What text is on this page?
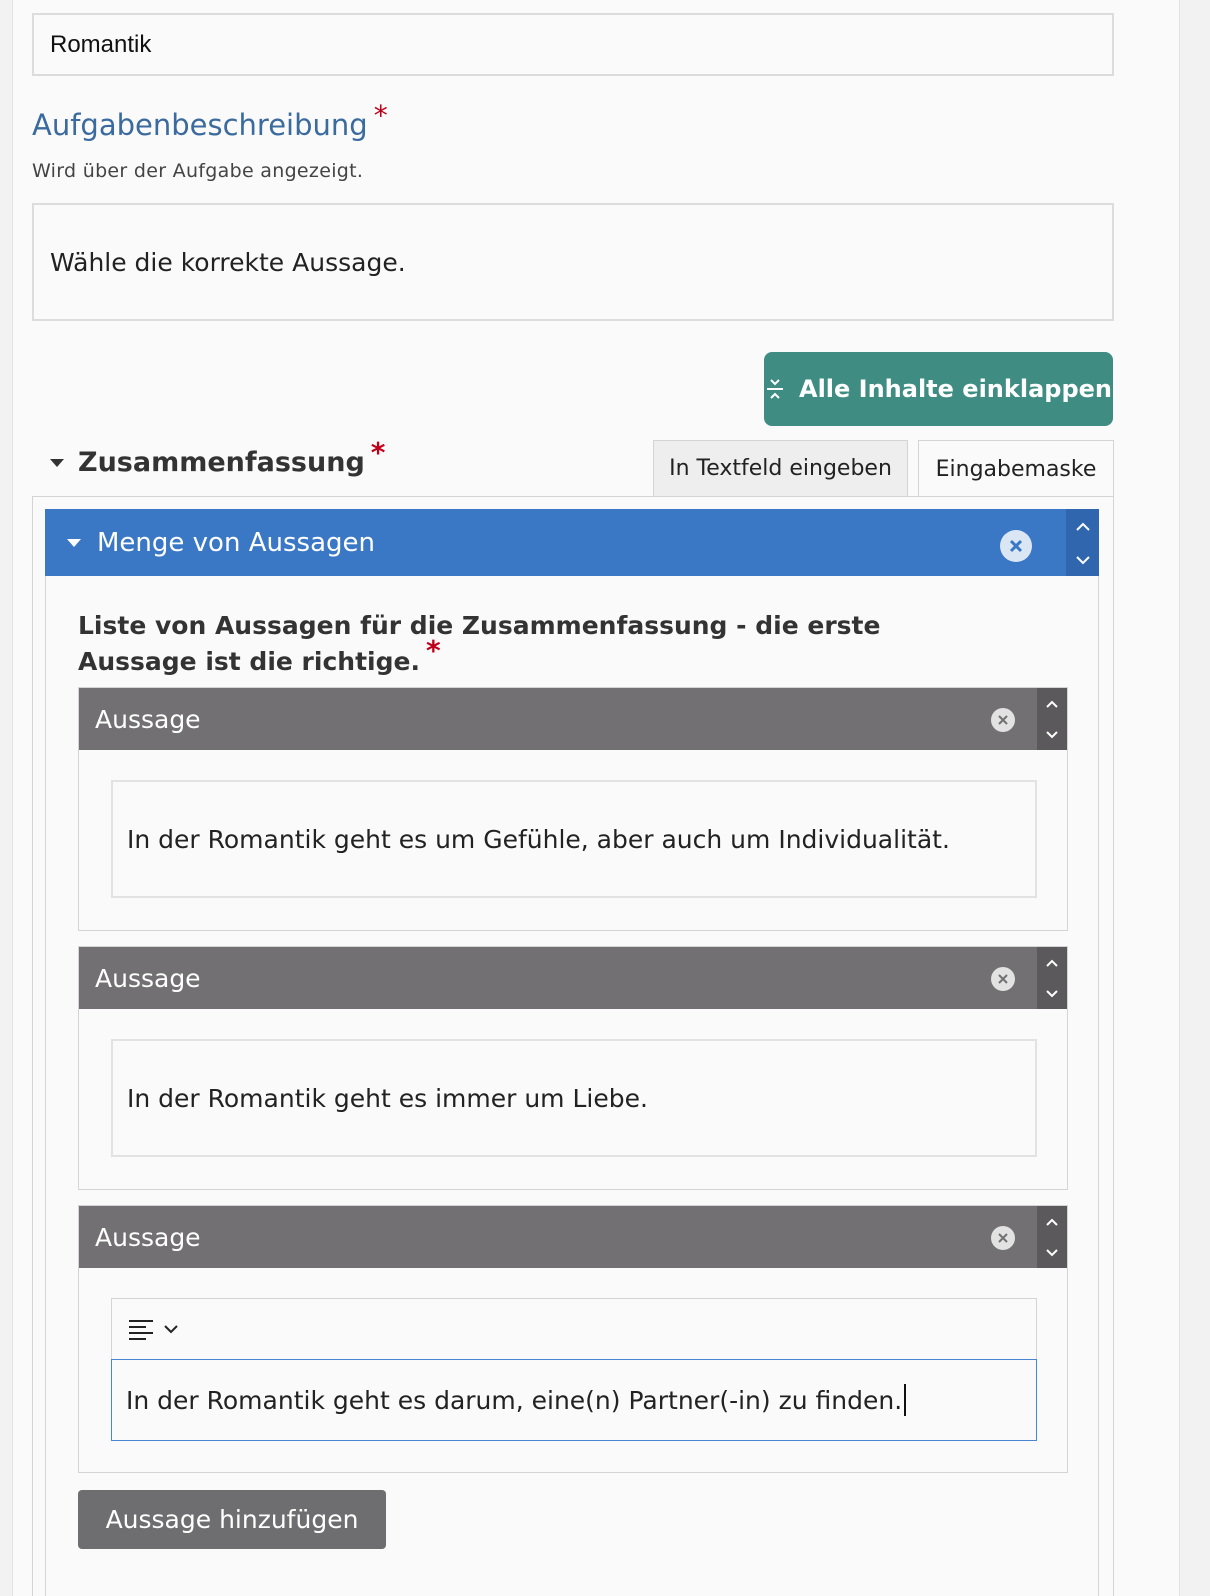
Romantik
Aufgabenbeschreibung *
Wird über der Aufgabe angezeigt.
Wähle die korrekte Aussage.
Alle Inhalte einklappen
Zusammenfassung *	In Textfeld eingeben	Eingabemaske
Menge von Aussagen
Liste von Aussagen für die Zusammenfassung - die erste Aussage ist die richtige. *
Aussage
In der Romantik geht es um Gefühle, aber auch um Individualität.
Aussage
In der Romantik geht es immer um Liebe.
Aussage
In der Romantik geht es darum, eine(n) Partner(-in) zu finden.
Aussage hinzufügen
